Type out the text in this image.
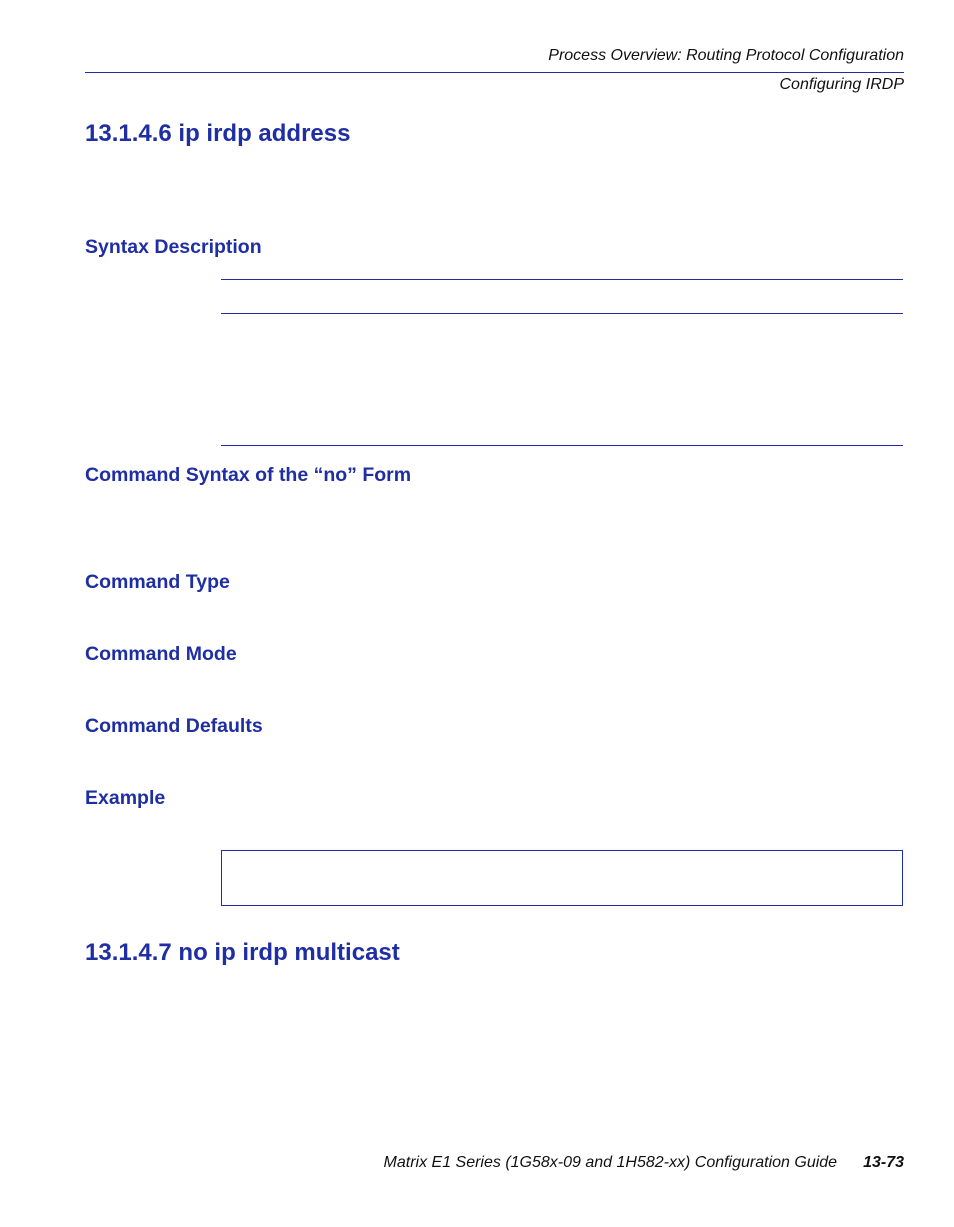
Process Overview: Routing Protocol Configuration
Configuring IRDP
13.1.4.6 ip irdp address
Syntax Description
Command Syntax of the “no” Form
Command Type
Command Mode
Command Defaults
Example
13.1.4.7 no ip irdp multicast
Matrix E1 Series (1G58x-09 and 1H582-xx) Configuration Guide 13-73
